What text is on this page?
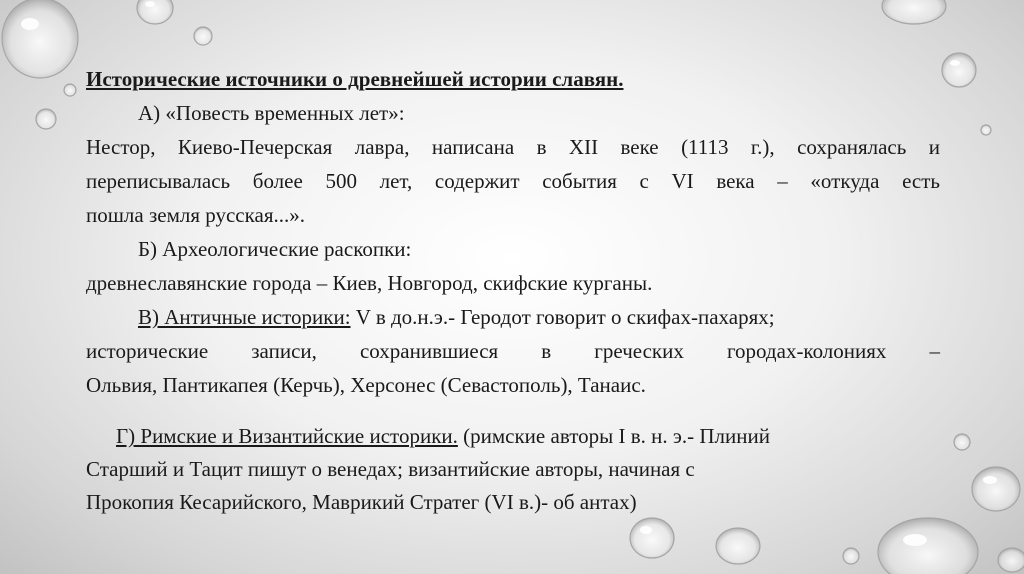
Исторические источники о древнейшей истории славян.
А) «Повесть временных лет»:
Нестор, Киево-Печерская лавра, написана в XII веке (1113 г.), сохранялась и
переписывалась более 500 лет, содержит события с VI века – «откуда есть
пошла земля русская...».
Б) Археологические раскопки:
древнеславянские города – Киев, Новгород, скифские курганы.
В) Античные историки: V в до.н.э.- Геродот говорит о скифах-пахарях;
исторические записи, сохранившиеся в греческих городах-колониях –
Ольвия, Пантикапея (Керчь), Херсонес (Севастополь), Танаис.
Г) Римские и Византийские историки. (римские авторы I в. н. э.- Плиний
Старший и Тацит пишут о венедах; византийские авторы, начиная с
Прокопия Кесарийского, Маврикий Стратег (VI в.)- об антах)
